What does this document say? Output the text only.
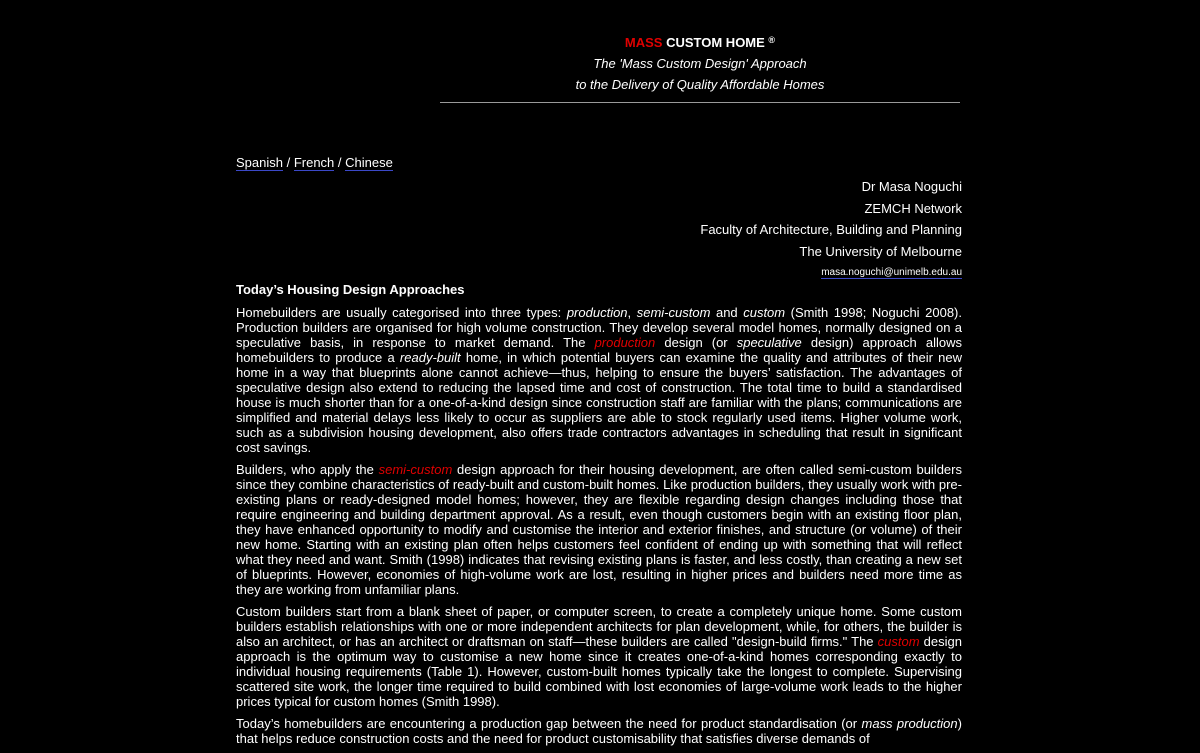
MASS CUSTOM HOME ®
The 'Mass Custom Design' Approach
to the Delivery of Quality Affordable Homes
Spanish / French / Chinese
Dr Masa Noguchi
ZEMCH Network
Faculty of Architecture, Building and Planning
The University of Melbourne
masa.noguchi@unimelb.edu.au
Today’s Housing Design Approaches

Homebuilders are usually categorised into three types: production, semi-custom and custom (Smith 1998; Noguchi 2008). Production builders are organised for high volume construction. They develop several model homes, normally designed on a speculative basis, in response to market demand. The production design (or speculative design) approach allows homebuilders to produce a ready-built home, in which potential buyers can examine the quality and attributes of their new home in a way that blueprints alone cannot achieve—thus, helping to ensure the buyers’ satisfaction. The advantages of speculative design also extend to reducing the lapsed time and cost of construction. The total time to build a standardised house is much shorter than for a one-of-a-kind design since construction staff are familiar with the plans; communications are simplified and material delays less likely to occur as suppliers are able to stock regularly used items. Higher volume work, such as a subdivision housing development, also offers trade contractors advantages in scheduling that result in significant cost savings.

Builders, who apply the semi-custom design approach for their housing development, are often called semi-custom builders since they combine characteristics of ready-built and custom-built homes. Like production builders, they usually work with pre-existing plans or ready-designed model homes; however, they are flexible regarding design changes including those that require engineering and building department approval. As a result, even though customers begin with an existing floor plan, they have enhanced opportunity to modify and customise the interior and exterior finishes, and structure (or volume) of their new home. Starting with an existing plan often helps customers feel confident of ending up with something that will reflect what they need and want. Smith (1998) indicates that revising existing plans is faster, and less costly, than creating a new set of blueprints. However, economies of high-volume work are lost, resulting in higher prices and builders need more time as they are working from unfamiliar plans.

Custom builders start from a blank sheet of paper, or computer screen, to create a completely unique home. Some custom builders establish relationships with one or more independent architects for plan development, while, for others, the builder is also an architect, or has an architect or draftsman on staff—these builders are called "design-build firms." The custom design approach is the optimum way to customise a new home since it creates one-of-a-kind homes corresponding exactly to individual housing requirements (Table 1). However, custom-built homes typically take the longest to complete. Supervising scattered site work, the longer time required to build combined with lost economies of large-volume work leads to the higher prices typical for custom homes (Smith 1998).

Today’s homebuilders are encountering a production gap between the need for product standardisation (or mass production) that helps reduce construction costs and the need for product customisability that satisfies diverse demands of
